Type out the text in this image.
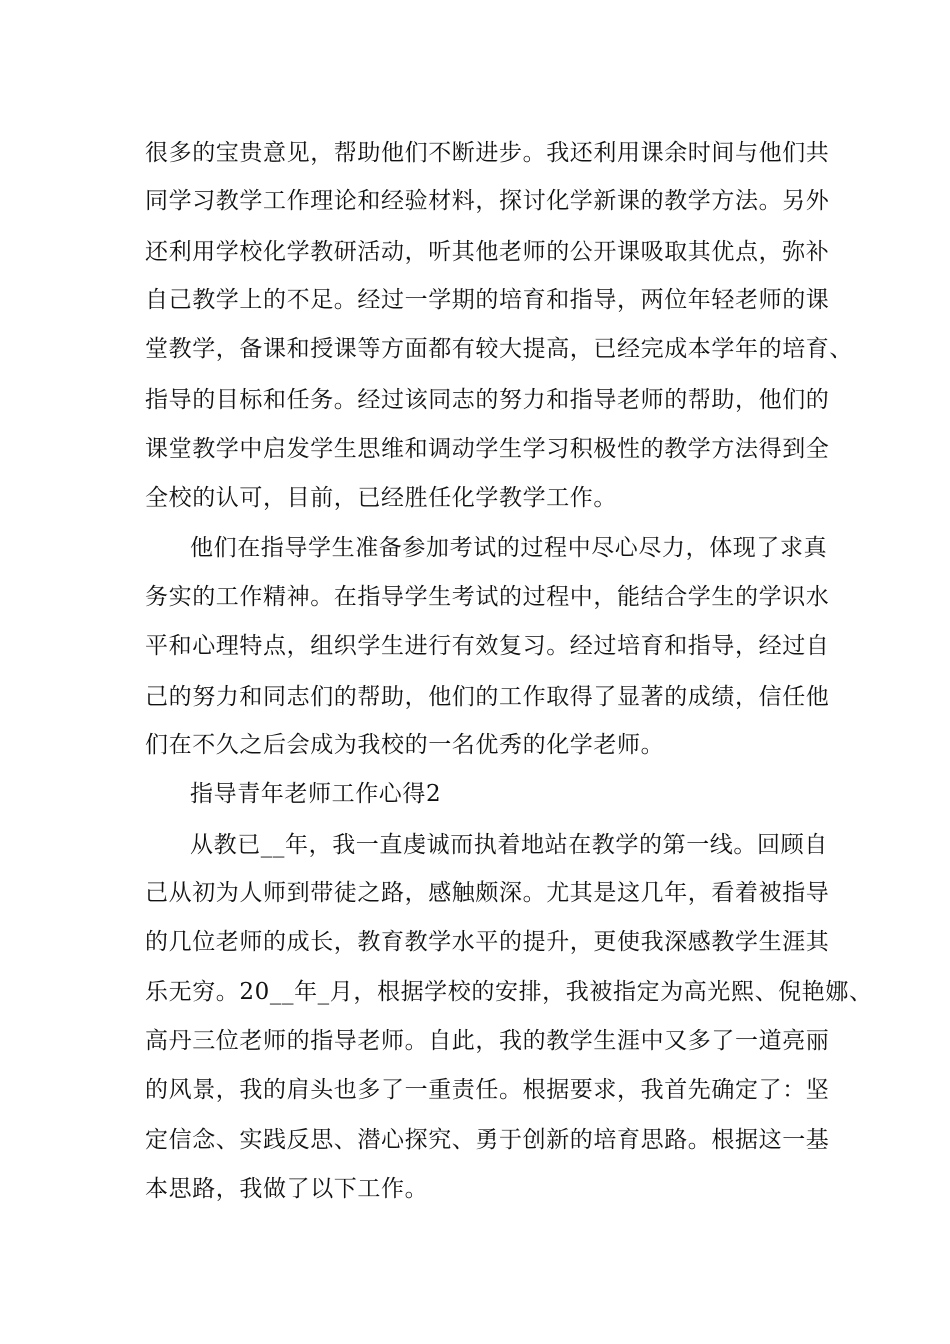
很多的宝贵意见，帮助他们不断进步。我还利用课余时间与他们共
同学习教学工作理论和经验材料，探讨化学新课的教学方法。另外
还利用学校化学教研活动，听其他老师的公开课吸取其优点，弥补
自己教学上的不足。经过一学期的培育和指导，两位年轻老师的课
堂教学，备课和授课等方面都有较大提高，已经完成本学年的培育、
指导的目标和任务。经过该同志的努力和指导老师的帮助，他们的
课堂教学中启发学生思维和调动学生学习积极性的教学方法得到全
全校的认可，目前，已经胜任化学教学工作。
他们在指导学生准备参加考试的过程中尽心尽力，体现了求真
务实的工作精神。在指导学生考试的过程中，能结合学生的学识水
平和心理特点，组织学生进行有效复习。经过培育和指导，经过自
己的努力和同志们的帮助，他们的工作取得了显著的成绩，信任他
们在不久之后会成为我校的一名优秀的化学老师。
指导青年老师工作心得2
从教已__年，我一直虔诚而执着地站在教学的第一线。回顾自
己从初为人师到带徒之路，感触颇深。尤其是这几年，看着被指导
的几位老师的成长，教育教学水平的提升，更使我深感教学生涯其
乐无穷。20__年_月，根据学校的安排，我被指定为高光熙、倪艳娜、
高丹三位老师的指导老师。自此，我的教学生涯中又多了一道亮丽
的风景，我的肩头也多了一重责任。根据要求，我首先确定了：坚
定信念、实践反思、潜心探究、勇于创新的培育思路。根据这一基
本思路，我做了以下工作。
